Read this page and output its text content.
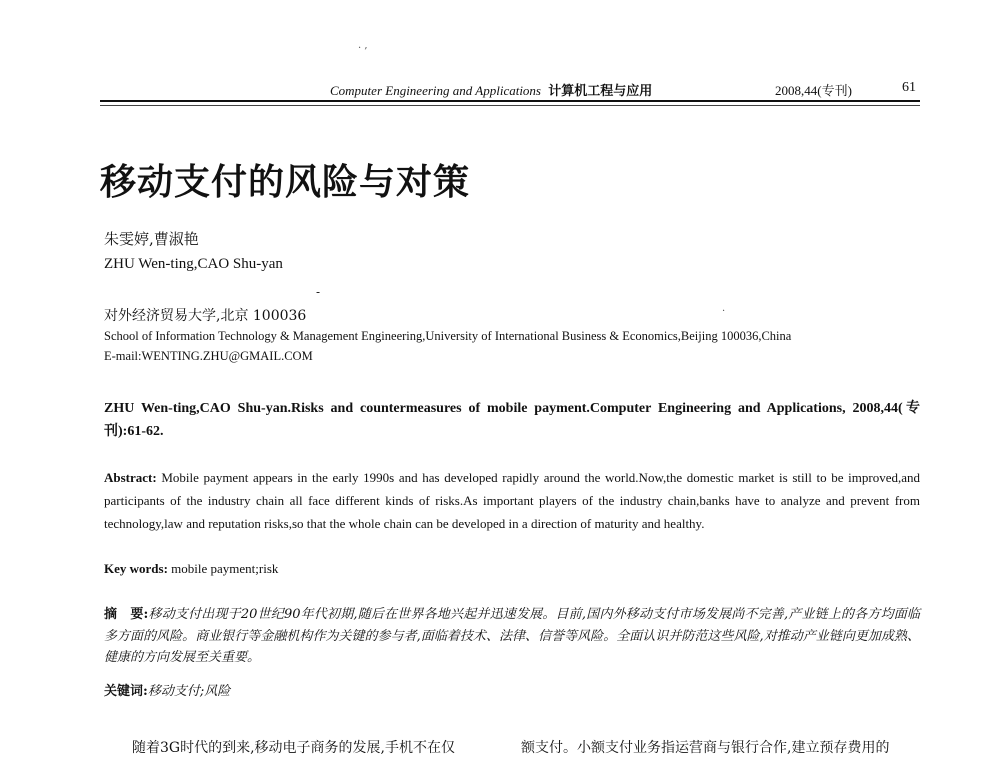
. ,
Computer Engineering and Applications 计算机工程与应用	2008,44(专刊)	61
移动支付的风险与对策
朱雯婷,曹淑艳
ZHU Wen-ting,CAO Shu-yan
-
·
对外经济贸易大学,北京 100036
School of Information Technology & Management Engineering,University of International Business & Economics,Beijing 100036,China
E-mail:WENTING.ZHU@GMAIL.COM
ZHU Wen-ting,CAO Shu-yan.Risks and countermeasures of mobile payment.Computer Engineering and Applications, 2008,44(专刊):61-62.
Abstract: Mobile payment appears in the early 1990s and has developed rapidly around the world.Now,the domestic market is still to be improved,and participants of the industry chain all face different kinds of risks.As important players of the industry chain,banks have to analyze and prevent from technology,law and reputation risks,so that the whole chain can be developed in a direction of maturity and healthy.
Key words: mobile payment;risk
摘　要:移动支付出现于20世纪90年代初期,随后在世界各地兴起并迅速发展。目前,国内外移动支付市场发展尚不完善,产业链上的各方均面临多方面的风险。商业银行等金融机构作为关键的参与者,面临着技术、法律、信誉等风险。全面认识并防范这些风险,对推动产业链向更加成熟、健康的方向发展至关重要。
关键词:移动支付;风险
随着3G时代的到来,移动电子商务的发展,手机不在仅	额支付。小额支付业务指运营商与银行合作,建立预存费用的
